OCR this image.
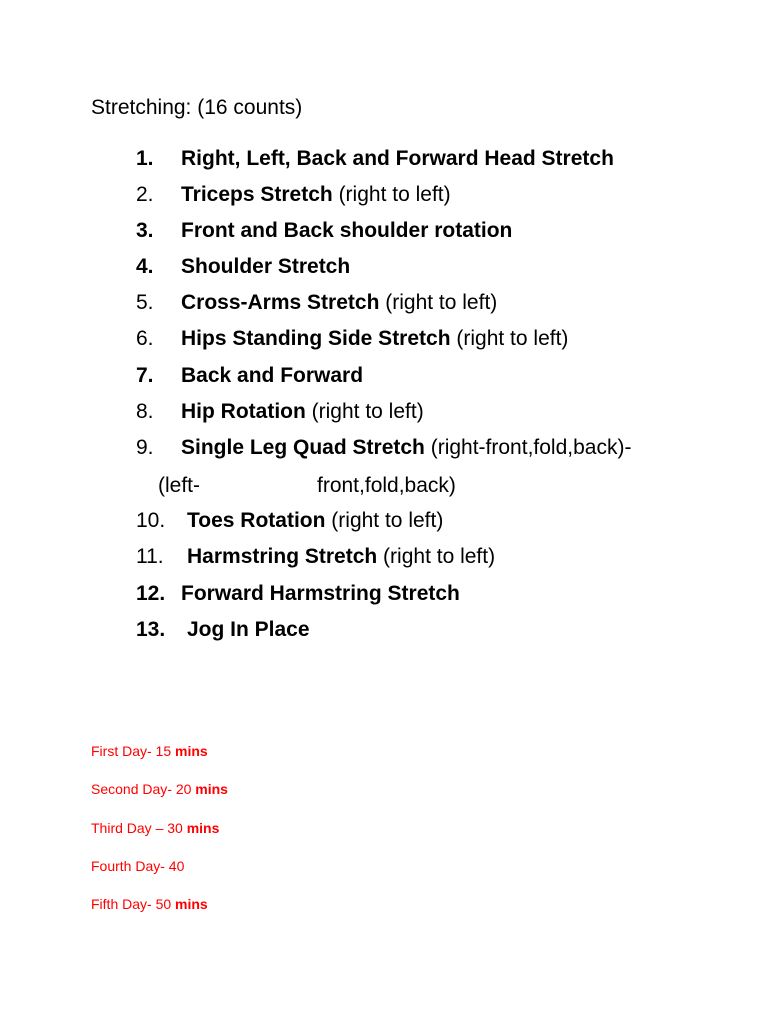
Stretching: (16 counts)
1. Right, Left, Back and Forward Head Stretch
2. Triceps Stretch (right to left)
3. Front and Back shoulder rotation
4. Shoulder Stretch
5. Cross-Arms Stretch (right to left)
6. Hips Standing Side Stretch (right to left)
7. Back and Forward
8. Hip Rotation (right to left)
9. Single Leg Quad Stretch (right-front,fold,back)-
(left-	front,fold,back)
10. Toes Rotation (right to left)
11. Harmstring Stretch (right to left)
12. Forward Harmstring Stretch
13. Jog In Place
First Day- 15 mins
Second Day- 20 mins
Third Day – 30 mins
Fourth Day- 40
Fifth Day- 50 mins
